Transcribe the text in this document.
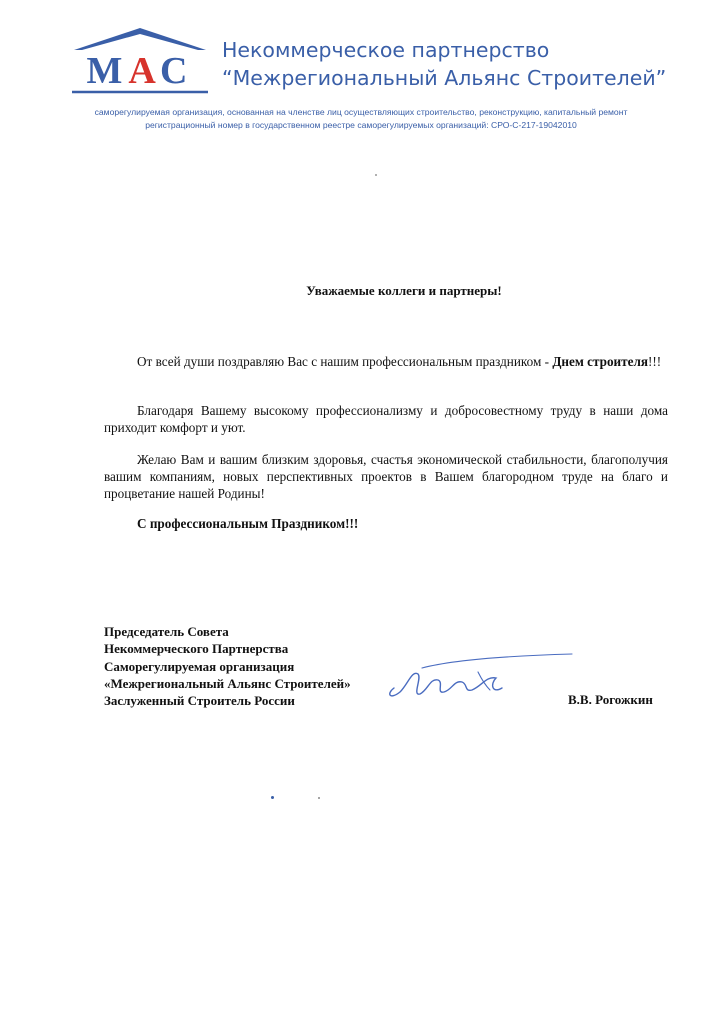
МАС Некоммерческое партнерство
“Межрегиональный Альянс Строителей”
саморегулируемая организация, основанная на членстве лиц осуществляющих строительство, реконструкцию, капитальный ремонт
регистрационный номер в государственном реестре саморегулируемых организаций: СРО-С-217-19042010
Уважаемые коллеги и партнеры!
От всей души поздравляю Вас с нашим профессиональным праздником - Днем строителя!!!
Благодаря Вашему высокому профессионализму и добросовестному труду в наши дома приходит комфорт и уют.
Желаю Вам и вашим близким здоровья, счастья экономической стабильности, благополучия вашим компаниям, новых перспективных проектов в Вашем благородном труде на благо и процветание нашей Родины!
С профессиональным Праздником!!!
Председатель Совета
Некоммерческого Партнерства
Саморегулируемая организация
«Межрегиональный Альянс Строителей»
Заслуженный Строитель России	В.В. Рогожкин
